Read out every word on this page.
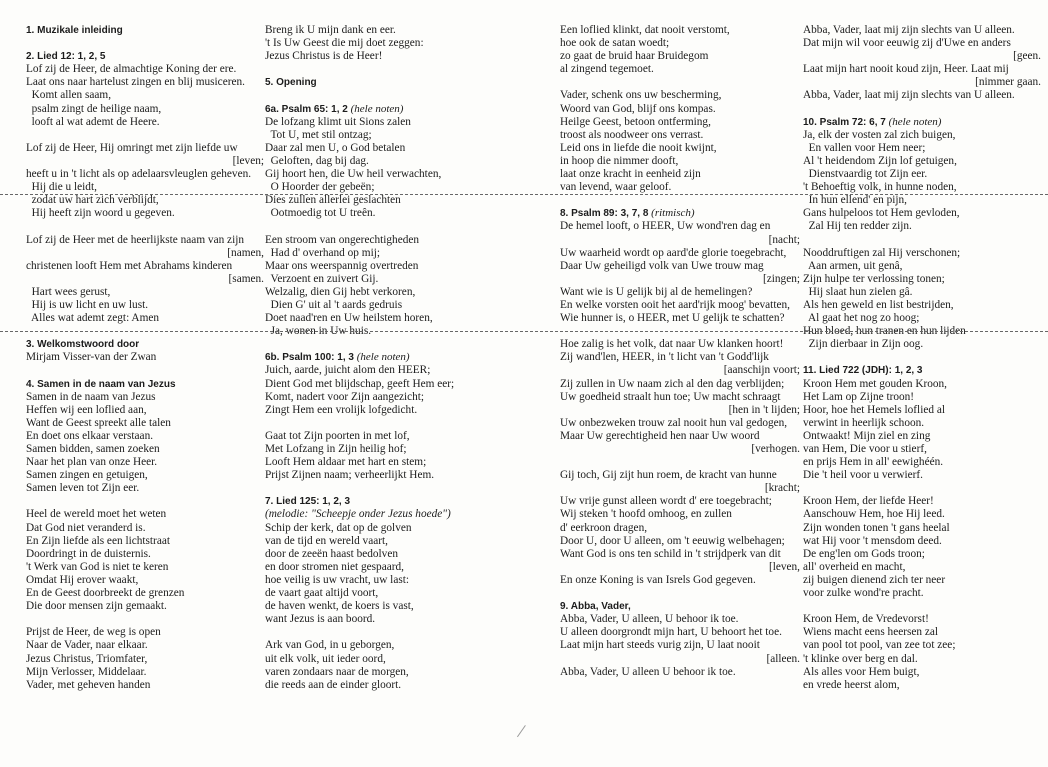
1. Muzikale inleiding
2. Lied 12: 1, 2, 5
Lof zij de Heer, de almachtige Koning der ere.
Laat ons naar hartelust zingen en blij musiceren.
Komt allen saam,
psalm zingt de heilige naam,
looft al wat ademt de Heere.
Lof zij de Heer, Hij omringt met zijn liefde uw
[leven;
heeft u in 't licht als op adelaarsvleuglen geheven.
Hij die u leidt,
zodat uw hart zich verblijdt,
Hij heeft zijn woord u gegeven.
Lof zij de Heer met de heerlijkste naam van zijn
[namen,
christenen looft Hem met Abrahams kinderen
[samen.
Hart wees gerust,
Hij is uw licht en uw lust.
Alles wat ademt zegt: Amen
3. Welkomstwoord door
Mirjam Visser-van der Zwan
4. Samen in de naam van Jezus
Samen in de naam van Jezus
Heffen wij een loflied aan,
Want de Geest spreekt alle talen
En doet ons elkaar verstaan.
Samen bidden, samen zoeken
Naar het plan van onze Heer.
Samen zingen en getuigen,
Samen leven tot Zijn eer.
Heel de wereld moet het weten
Dat God niet veranderd is.
En Zijn liefde als een lichtstraat
Doordringt in de duisternis.
't Werk van God is niet te keren
Omdat Hij erover waakt,
En de Geest doorbreekt de grenzen
Die door mensen zijn gemaakt.
Prijst de Heer, de weg is open
Naar de Vader, naar elkaar.
Jezus Christus, Triomfater,
Mijn Verlosser, Middelaar.
Vader, met geheven handen
Breng ik U mijn dank en eer.
't Is Uw Geest die mij doet zeggen:
Jezus Christus is de Heer!
5. Opening
6a. Psalm 65: 1, 2 (hele noten)
De lofzang klimt uit Sions zalen
Tot U, met stil ontzag;
Daar zal men U, o God betalen
Geloften, dag bij dag.
Gij hoort hen, die Uw heil verwachten,
O Hoorder der gebeën;
Dies zullen allerlei geslachten
Ootmoedig tot U treên.
Een stroom van ongerechtigheden
Had d' overhand op mij;
Maar ons weerspannig overtreden
Verzoent en zuivert Gij.
Welzalig, dien Gij hebt verkoren,
Dien G' uit al 't aards gedruis
Doet naad'ren en Uw heilstem horen,
Ja, wonen in Uw huis.
6b. Psalm 100: 1, 3 (hele noten)
Juich, aarde, juicht alom den HEER;
Dient God met blijdschap, geeft Hem eer;
Komt, nadert voor Zijn aangezicht;
Zingt Hem een vrolijk lofgedicht.
Gaat tot Zijn poorten in met lof,
Met Lofzang in Zijn heilig hof;
Looft Hem aldaar met hart en stem;
Prijst Zijnen naam; verheerlijkt Hem.
7. Lied 125: 1, 2, 3
(melodie: "Scheepje onder Jezus hoede")
Schip der kerk, dat op de golven
van de tijd en wereld vaart,
door de zeeën haast bedolven
en door stromen niet gespaard,
hoe veilig is uw vracht, uw last:
de vaart gaat altijd voort,
de haven wenkt, de koers is vast,
want Jezus is aan boord.
Ark van God, in u geborgen,
uit elk volk, uit ieder oord,
varen zondaars naar de morgen,
die reeds aan de einder gloort.
Een loflied klinkt, dat nooit verstomt,
hoe ook de satan woedt;
zo gaat de bruid haar Bruidegom
al zingend tegemoet.
Vader, schenk ons uw bescherming,
Woord van God, blijf ons kompas.
Heilge Geest, betoon ontferming,
troost als noodweer ons verrast.
Leid ons in liefde die nooit kwijnt,
in hoop die nimmer dooft,
laat onze kracht in eenheid zijn
van levend, waar geloof.
8. Psalm 89: 3, 7, 8 (ritmisch)
De hemel looft, o HEER, Uw wond'ren dag en
[nacht;
Uw waarheid wordt op aard'de glorie toegebracht,
Daar Uw geheiligd volk van Uwe trouw mag
[zingen;
Want wie is U gelijk bij al de hemelingen?
En welke vorsten ooit het aard'rijk moog' bevatten,
Wie hunner is, o HEER, met U gelijk te schatten?
Hoe zalig is het volk, dat naar Uw klanken hoort!
Zij wand'len, HEER, in 't licht van 't Godd'lijk
[aanschijn voort;
Zij zullen in Uw naam zich al den dag verblijden;
Uw goedheid straalt hun toe; Uw macht schraagt
[hen in 't lijden;
Uw onbezweken trouw zal nooit hun val gedogen,
Maar Uw gerechtigheid hen naar Uw woord
[verhogen.
Gij toch, Gij zijt hun roem, de kracht van hunne
[kracht;
Uw vrije gunst alleen wordt d' ere toegebracht;
Wij steken 't hoofd omhoog, en zullen
d' eerkroon dragen,
Door U, door U alleen, om 't eeuwig welbehagen;
Want God is ons ten schild in 't strijdperk van dit
[leven,
En onze Koning is van Isrels God gegeven.
9. Abba, Vader,
Abba, Vader, U alleen, U behoor ik toe.
U alleen doorgrondt mijn hart, U behoort het toe.
Laat mijn hart steeds vurig zijn, U laat nooit
[alleen.
Abba, Vader, U alleen U behoor ik toe.
Abba, Vader, laat mij zijn slechts van U alleen.
Dat mijn wil voor eeuwig zij d'Uwe en anders
[geen.
Laat mijn hart nooit koud zijn, Heer. Laat mij
[nimmer gaan.
Abba, Vader, laat mij zijn slechts van U alleen.
10. Psalm 72: 6, 7 (hele noten)
Ja, elk der vosten zal zich buigen,
En vallen voor Hem neer;
Al 't heidendom Zijn lof getuigen,
Dienstvaardig tot Zijn eer.
't Behoeftig volk, in hunne noden,
In hun ellend' en pijn,
Gans hulpeloos tot Hem gevloden,
Zal Hij ten redder zijn.
Nooddruftigen zal Hij verschonen;
Aan armen, uit genâ,
Zijn hulpe ter verlossing tonen;
Hij slaat hun zielen gâ.
Als hen geweld en list bestrijden,
Al gaat het nog zo hoog;
Hun bloed, hun tranen en hun lijden
Zijn dierbaar in Zijn oog.
11. Lied 722 (JDH): 1, 2, 3
Kroon Hem met gouden Kroon,
Het Lam op Zijne troon!
Hoor, hoe het Hemels loflied al
verwint in heerlijk schoon.
Ontwaakt! Mijn ziel en zing
van Hem, Die voor u stierf,
en prijs Hem in all' eewighéén.
Die 't heil voor u verwierf.
Kroon Hem, der liefde Heer!
Aanschouw Hem, hoe Hij leed.
Zijn wonden tonen 't gans heelal
wat Hij voor 't mensdom deed.
De eng'len om Gods troon;
all' overheid en macht,
zij buigen dienend zich ter neer
voor zulke wond're pracht.
Kroon Hem, de Vredevorst!
Wiens macht eens heersen zal
van pool tot pool, van zee tot zee;
't klinke over berg en dal.
Als alles voor Hem buigt,
en vrede heerst alom,
